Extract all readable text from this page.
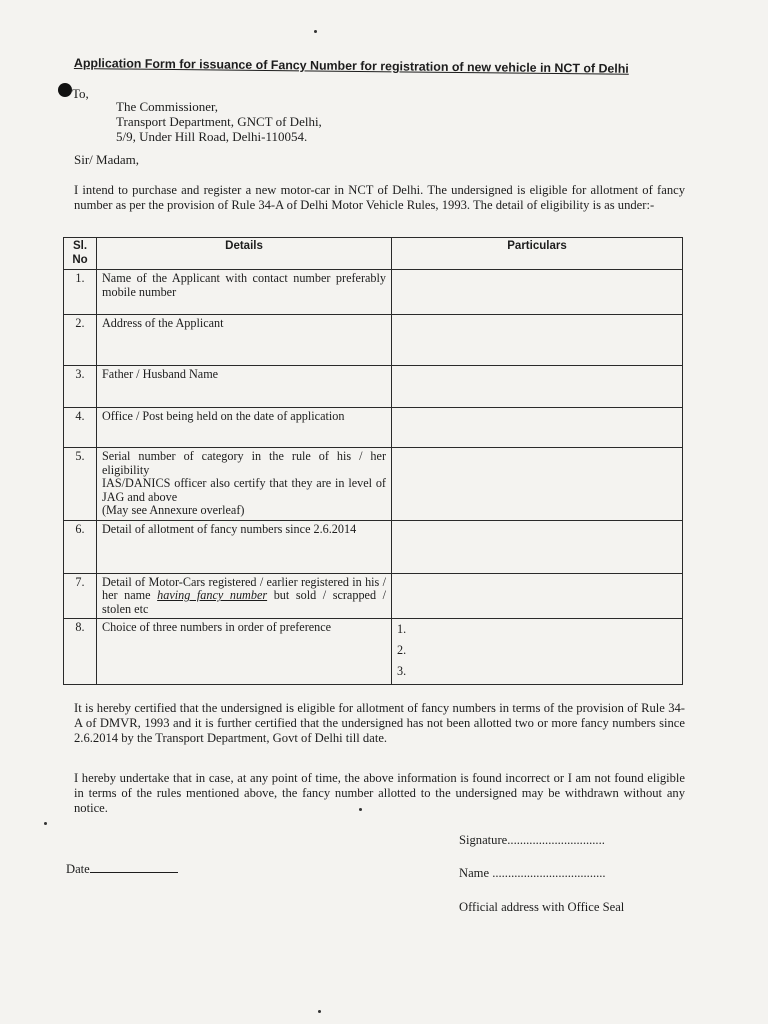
Application Form for issuance of Fancy Number for registration of new vehicle in NCT of Delhi
To,
The Commissioner,
Transport Department, GNCT of Delhi,
5/9, Under Hill Road, Delhi-110054.
Sir/ Madam,
I intend to purchase and register a new motor-car in NCT of Delhi. The undersigned is eligible for allotment of fancy number as per the provision of Rule 34-A of Delhi Motor Vehicle Rules, 1993. The detail of eligibility is as under:-
Sl. No	Details	Particulars
1.	Name of the Applicant with contact number preferably mobile number	
2.	Address of the Applicant	
3.	Father / Husband Name	
4.	Office / Post being held on the date of application	
5.	Serial number of category in the rule of his / her eligibility
IAS/DANICS officer also certify that they are in level of JAG and above
(May see Annexure overleaf)	

6.	Detail of allotment of fancy numbers since 2.6.2014	
7.	Detail of Motor-Cars registered / earlier registered in his / her name having fancy number but sold / scrapped / stolen etc	
8.	Choice of three numbers in order of preference	1.
2.
3.
It is hereby certified that the undersigned is eligible for allotment of fancy numbers in terms of the provision of Rule 34-A of DMVR, 1993 and it is further certified that the undersigned has not been allotted two or more fancy numbers since 2.6.2014 by the Transport Department, Govt of Delhi till date.
I hereby undertake that in case, at any point of time, the above information is found incorrect or I am not found eligible in terms of the rules mentioned above, the fancy number allotted to the undersigned may be withdrawn without any notice.
Signature...............................
Date	Name ....................................
Official address with Office Seal
